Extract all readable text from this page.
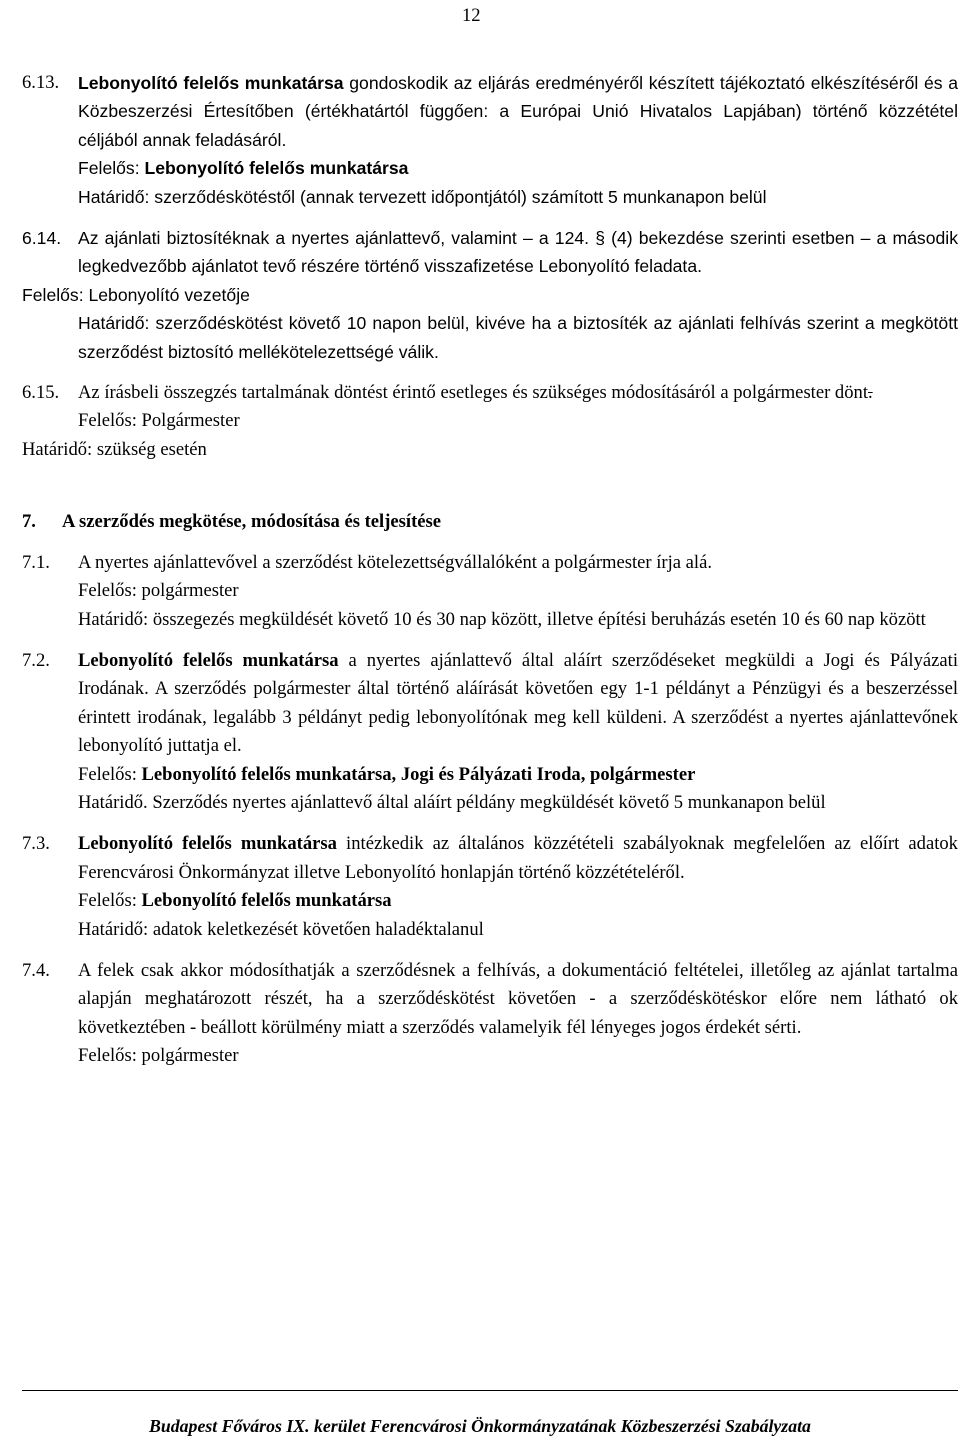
12
6.13.	Lebonyolító felelős munkatársa gondoskodik az eljárás eredményéről készített tájékoztató elkészítéséről és a Közbeszerzési Értesítőben (értékhatártól függően: a Európai Unió Hivatalos Lapjában) történő közzététel céljából annak feladásáról.
Felelős: Lebonyolító felelős munkatársa
Határidő: szerződéskötéstől (annak tervezett időpontjától) számított 5 munkanapon belül
6.14. Az ajánlati biztosítéknak a nyertes ajánlattevő, valamint – a 124. § (4) bekezdése szerinti esetben – a második legkedvezőbb ajánlatot tevő részére történő visszafizetése Lebonyolító feladata.
Felelős: Lebonyolító vezetője
Határidő: szerződéskötést követő 10 napon belül, kivéve ha a biztosíték az ajánlati felhívás szerint a megkötött szerződést biztosító mellékötelezettségé válik.
6.15.	Az írásbeli összegzés tartalmának döntést érintő esetleges és szükséges módosításáról a polgármester dönt.
Felelős: Polgármester
Határidő: szükség esetén
7.	A szerződés megkötése, módosítása és teljesítése
7.1.	A nyertes ajánlattevővel a szerződést kötelezettségvállalóként a polgármester írja alá.
Felelős: polgármester
Határidő: összegezés megküldését követő 10 és 30 nap között, illetve építési beruházás esetén 10 és 60 nap között
7.2.	Lebonyolító felelős munkatársa a nyertes ajánlattevő által aláírt szerződéseket megküldi a Jogi és Pályázati Irodának. A szerződés polgármester által történő aláírását követően egy 1-1 példányt a Pénzügyi és a beszerzéssel érintett irodának, legalább 3 példányt pedig lebonyolítónak meg kell küldeni. A szerződést a nyertes ajánlattevőnek lebonyolító juttatja el.
Felelős: Lebonyolító felelős munkatársa, Jogi és Pályázati Iroda, polgármester
Határidő. Szerződés nyertes ajánlattevő által aláírt példány megküldését követő 5 munkanapon belül
7.3.	Lebonyolító felelős munkatársa intézkedik az általános közzétételi szabályoknak megfelelően az előírt adatok Ferencvárosi Önkormányzat illetve Lebonyolító honlapján történő közzétételéről.
Felelős: Lebonyolító felelős munkatársa
Határidő: adatok keletkezését követően haladéktalanul
7.4.	A felek csak akkor módosíthatják a szerződésnek a felhívás, a dokumentáció feltételei, illetőleg az ajánlat tartalma alapján meghatározott részét, ha a szerződéskötést követően - a szerződéskötéskor előre nem látható ok következtében - beállott körülmény miatt a szerződés valamelyik fél lényeges jogos érdekét sérti.
Felelős: polgármester
Budapest Főváros IX. kerület Ferencvárosi Önkormányzatának Közbeszerzési Szabályzata
